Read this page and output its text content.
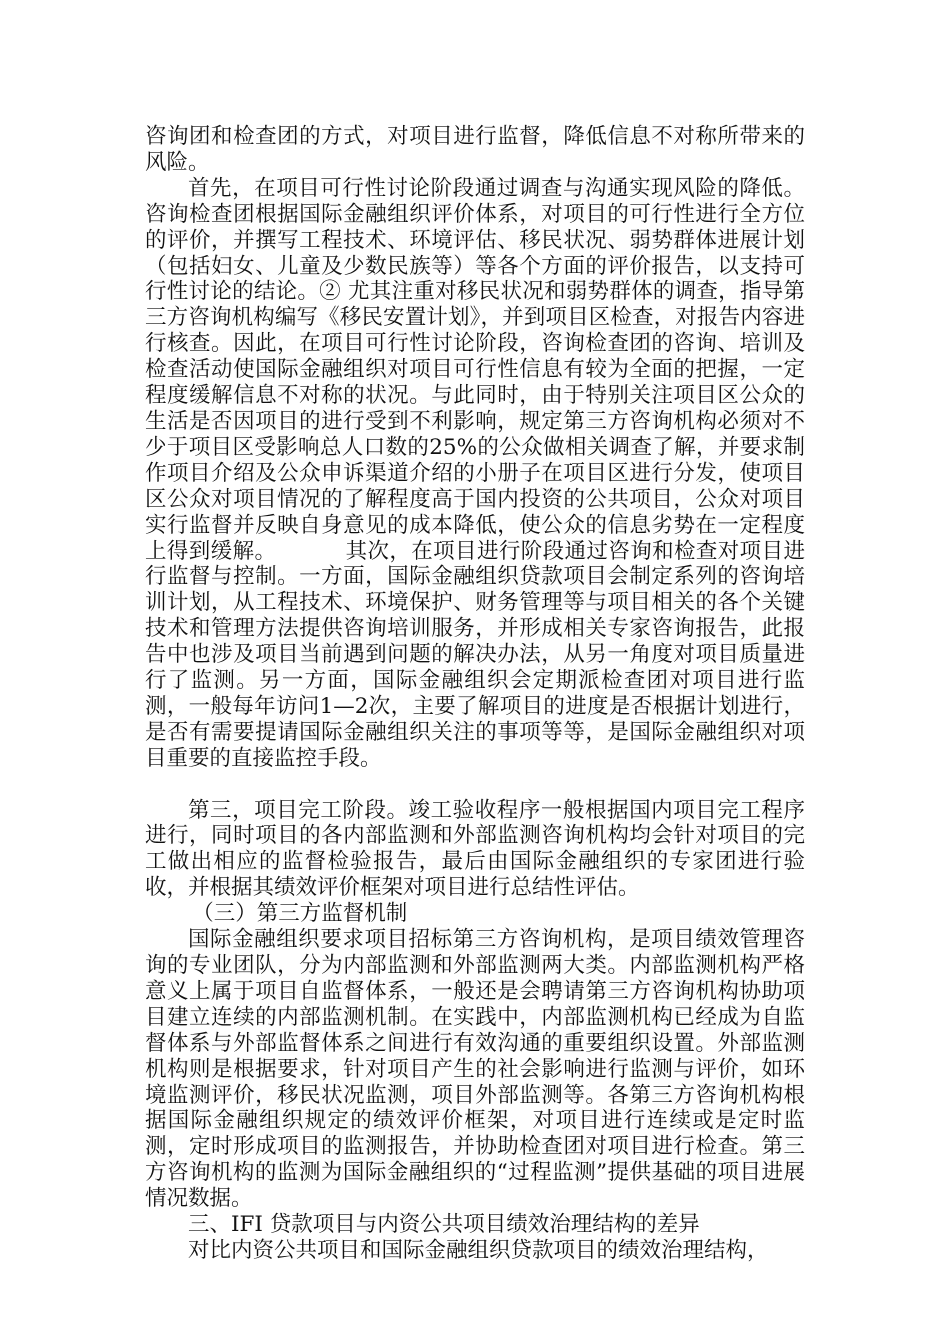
咨询团和检查团的方式，对项目进行监督，降低信息不对称所带来的风险。

首先，在项目可行性讨论阶段通过调查与沟通实现风险的降低。咨询检查团根据国际金融组织评价体系，对项目的可行性进行全方位的评价，并撰写工程技术、环境评估、移民状况、弱势群体进展计划（包括妇女、儿童及少数民族等）等各个方面的评价报告，以支持可行性讨论的结论。② 尤其注重对移民状况和弱势群体的调查，指导第三方咨询机构编写《移民安置计划》，并到项目区检查，对报告内容进行核查。因此，在项目可行性讨论阶段，咨询检查团的咨询、培训及检查活动使国际金融组织对项目可行性信息有较为全面的把握，一定程度缓解信息不对称的状况。与此同时，由于特别关注项目区公众的生活是否因项目的进行受到不利影响，规定第三方咨询机构必须对不少于项目区受影响总人口数的25%的公众做相关调查了解，并要求制作项目介绍及公众申诉渠道介绍的小册子在项目区进行分发，使项目区公众对项目情况的了解程度高于国内投资的公共项目，公众对项目实行监督并反映自身意见的成本降低，使公众的信息劣势在一定程度上得到缓解。	其次，在项目进行阶段通过咨询和检查对项目进行监督与控制。一方面，国际金融组织贷款项目会制定系列的咨询培训计划，从工程技术、环境保护、财务管理等与项目相关的各个关键技术和管理方法提供咨询培训服务，并形成相关专家咨询报告，此报告中也涉及项目当前遇到问题的解决办法，从另一角度对项目质量进行了监测。另一方面，国际金融组织会定期派检查团对项目进行监测，一般每年访问1—2次，主要了解项目的进度是否根据计划进行，是否有需要提请国际金融组织关注的事项等等，是国际金融组织对项目重要的直接监控手段。

第三，项目完工阶段。竣工验收程序一般根据国内项目完工程序进行，同时项目的各内部监测和外部监测咨询机构均会针对项目的完工做出相应的监督检验报告，最后由国际金融组织的专家团进行验收，并根据其绩效评价框架对项目进行总结性评估。

（三）第三方监督机制

国际金融组织要求项目招标第三方咨询机构，是项目绩效管理咨询的专业团队，分为内部监测和外部监测两大类。内部监测机构严格意义上属于项目自监督体系，一般还是会聘请第三方咨询机构协助项目建立连续的内部监测机制。在实践中，内部监测机构已经成为自监督体系与外部监督体系之间进行有效沟通的重要组织设置。外部监测机构则是根据要求，针对项目产生的社会影响进行监测与评价，如环境监测评价，移民状况监测，项目外部监测等。各第三方咨询机构根据国际金融组织规定的绩效评价框架，对项目进行连续或是定时监测，定时形成项目的监测报告，并协助检查团对项目进行检查。第三方咨询机构的监测为国际金融组织的“过程监测”提供基础的项目进展情况数据。

三、IFI 贷款项目与内资公共项目绩效治理结构的差异

对比内资公共项目和国际金融组织贷款项目的绩效治理结构，
